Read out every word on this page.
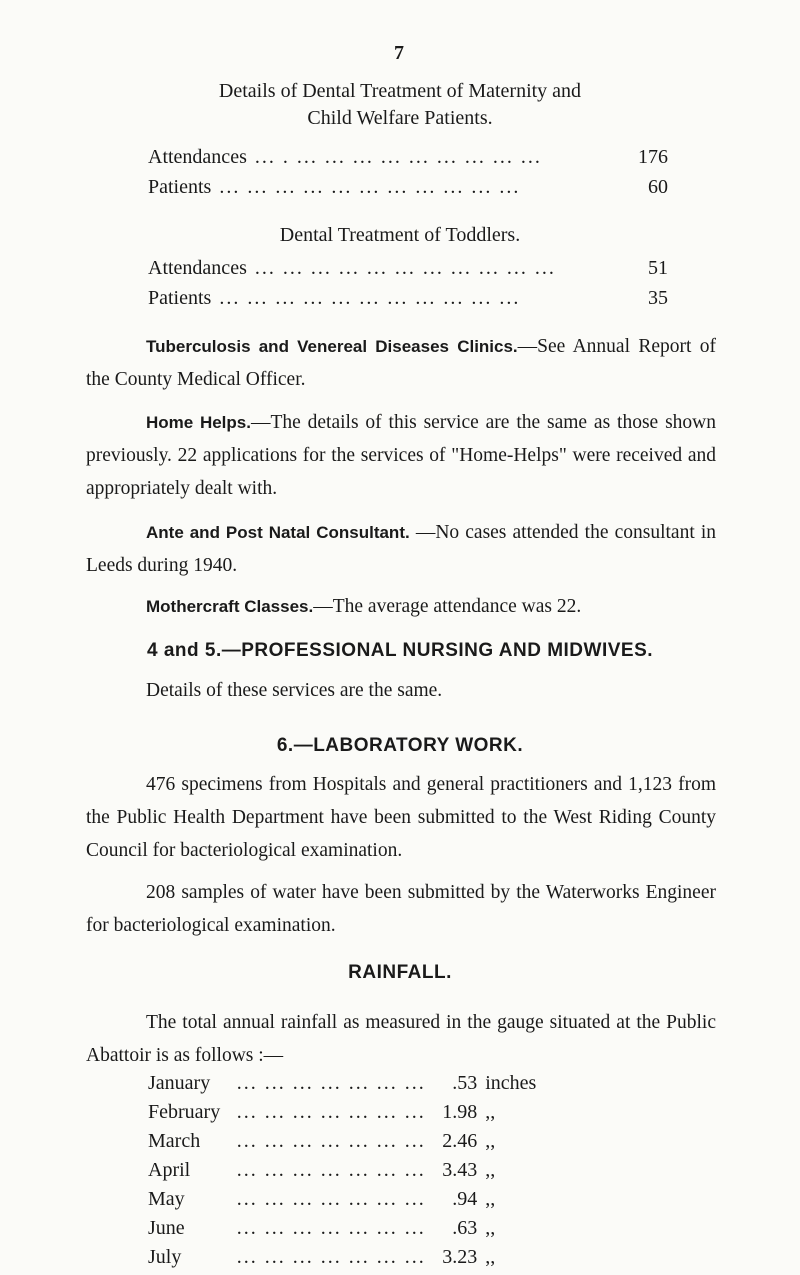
7
Details of Dental Treatment of Maternity and
Child Welfare Patients.
Attendances ... . ... ... ... ... ... ... ... ... ...	176
Patients ... ... ... ... ... ... ... ... ... ... ...	60
Dental Treatment of Toddlers.
Attendances ... ... ... ... ... ... ... ... ... ... ...	51
Patients ... ... ... ... ... ... ... ... ... ... ...	35
Tuberculosis and Venereal Diseases Clinics.—See Annual Report of the County Medical Officer.
Home Helps.—The details of this service are the same as those shown previously. 22 applications for the services of "Home-Helps" were received and appropriately dealt with.
Ante and Post Natal Consultant. —No cases attended the consultant in Leeds during 1940.
Mothercraft Classes.—The average attendance was 22.
4 and 5.—PROFESSIONAL NURSING AND MIDWIVES.
Details of these services are the same.
6.—LABORATORY WORK.
476 specimens from Hospitals and general practitioners and 1,123 from the Public Health Department have been submitted to the West Riding County Council for bacteriological examination.
208 samples of water have been submitted by the Waterworks Engineer for bacteriological examination.
RAINFALL.
The total annual rainfall as measured in the gauge situated at the Public Abattoir is as follows :—
January	... ... ... ... ... ... ...	.53 inches
February ... ... ... ... ... ... ... 1.98 ,,
March	... ... ... ... ... ... ... 2.46 ,,
April	... ... ... ... ... ... ... 3.43 ,,
May	... ... ... ... ... ... ...	.94 ,,
June	... ... ... ... ... ... ...	.63 ,,
July	... ... ... ... ... ... ... 3.23 ,,
